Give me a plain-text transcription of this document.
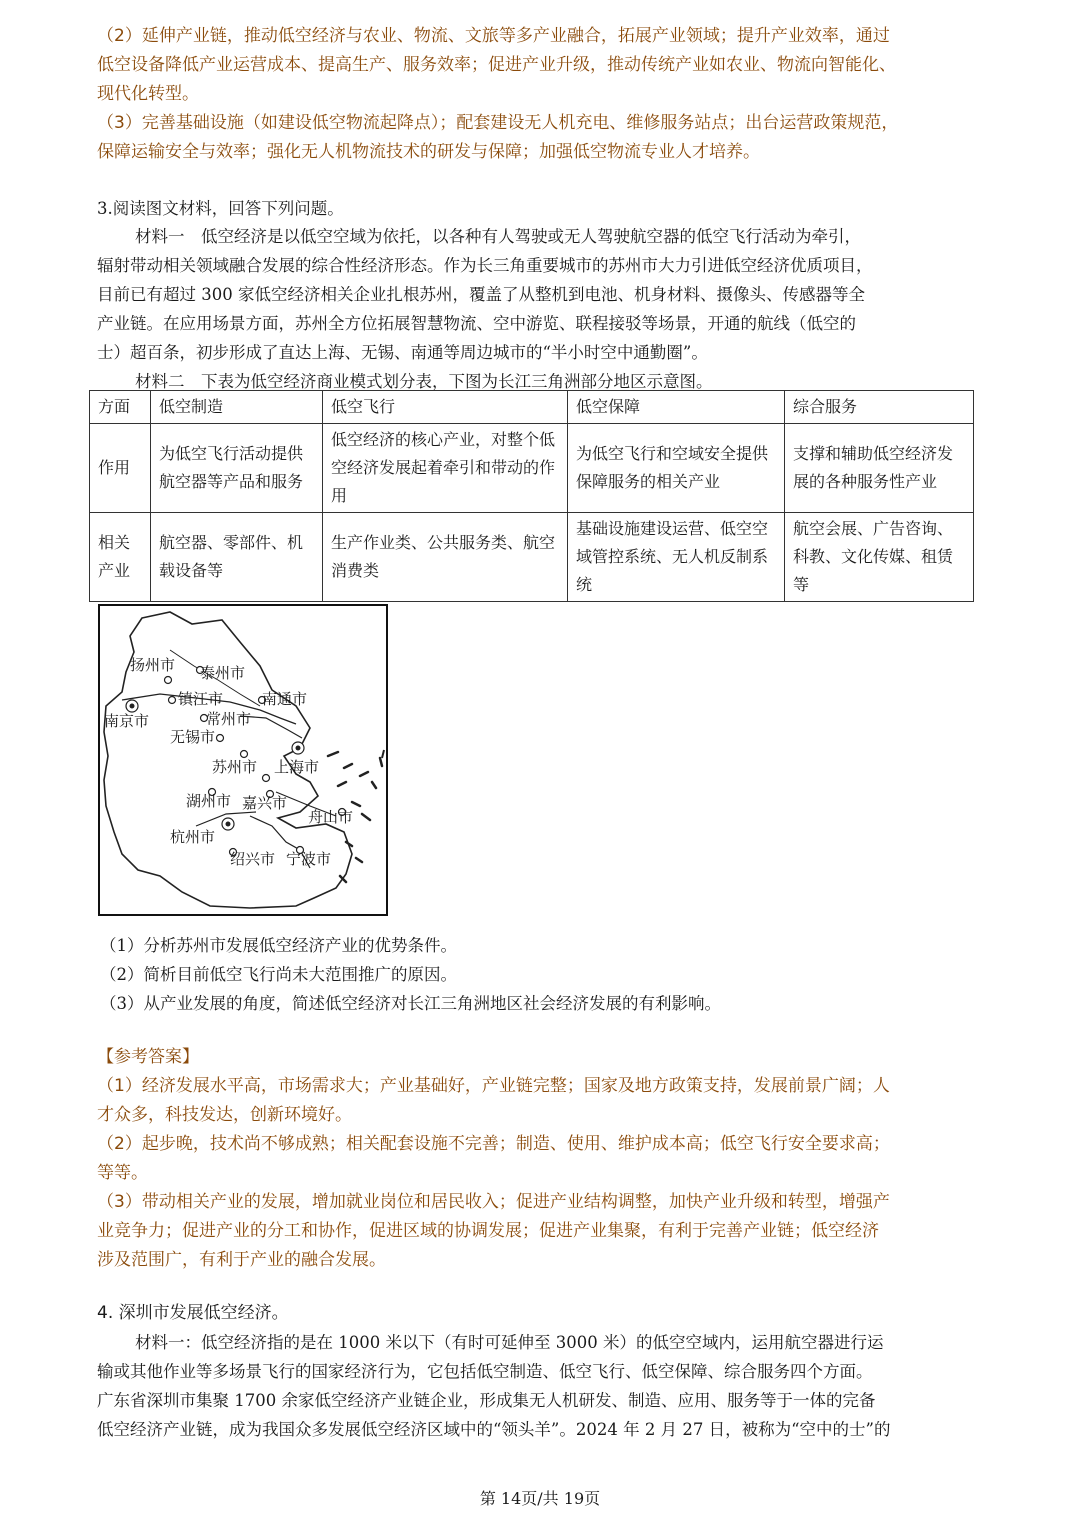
（2）延伸产业链，推动低空经济与农业、物流、文旅等多产业融合，拓展产业领域；提升产业效率，通过
低空设备降低产业运营成本、提高生产、服务效率；促进产业升级，推动传统产业如农业、物流向智能化、
现代化转型。
（3）完善基础设施（如建设低空物流起降点）；配套建设无人机充电、维修服务站点；出台运营政策规范，
保障运输安全与效率；强化无人机物流技术的研发与保障；加强低空物流专业人才培养。
3.阅读图文材料，回答下列问题。
材料一　低空经济是以低空空域为依托，以各种有人驾驶或无人驾驶航空器的低空飞行活动为牵引，
辐射带动相关领域融合发展的综合性经济形态。作为长三角重要城市的苏州市大力引进低空经济优质项目，
目前已有超过 300 家低空经济相关企业扎根苏州，覆盖了从整机到电池、机身材料、摄像头、传感器等全
产业链。在应用场景方面，苏州全方位拓展智慧物流、空中游览、联程接驳等场景，开通的航线（低空的
士）超百条，初步形成了直达上海、无锡、南通等周边城市的“半小时空中通勤圈”。
材料二　下表为低空经济商业模式划分表，下图为长江三角洲部分地区示意图。
方面	低空制造	低空飞行	低空保障	综合服务
作用	为低空飞行活动提供航空器等产品和服务	低空经济的核心产业，对整个低空经济发展起着牵引和带动的作用	为低空飞行和空域安全提供保障服务的相关产业	支撑和辅助低空经济发展的各种服务性产业
相关产业	航空器、零部件、机载设备等	生产作业类、公共服务类、航空消费类	基础设施建设运营、低空空域管控系统、无人机反制系统	航空会展、广告咨询、科教、文化传媒、租赁等
扬州市 泰州市
镇江市	南通市
南京市	常州市
无锡市
苏州市 上海市
湖州市 嘉兴市
舟山市
杭州市
绍兴市 宁波市
（1）分析苏州市发展低空经济产业的优势条件。
（2）简析目前低空飞行尚未大范围推广的原因。
（3）从产业发展的角度，简述低空经济对长江三角洲地区社会经济发展的有利影响。
【参考答案】
（1）经济发展水平高，市场需求大；产业基础好，产业链完整；国家及地方政策支持，发展前景广阔；人
才众多，科技发达，创新环境好。
（2）起步晚，技术尚不够成熟；相关配套设施不完善；制造、使用、维护成本高；低空飞行安全要求高；
等等。
（3）带动相关产业的发展，增加就业岗位和居民收入；促进产业结构调整，加快产业升级和转型，增强产
业竞争力；促进产业的分工和协作，促进区域的协调发展；促进产业集聚，有利于完善产业链；低空经济
涉及范围广，有利于产业的融合发展。
4. 深圳市发展低空经济。
材料一：低空经济指的是在 1000 米以下（有时可延伸至 3000 米）的低空空域内，运用航空器进行运
输或其他作业等多场景飞行的国家经济行为，它包括低空制造、低空飞行、低空保障、综合服务四个方面。
广东省深圳市集聚 1700 余家低空经济产业链企业，形成集无人机研发、制造、应用、服务等于一体的完备
低空经济产业链，成为我国众多发展低空经济区域中的“领头羊”。2024 年 2 月 27 日，被称为“空中的士”的
第 14页/共 19页
